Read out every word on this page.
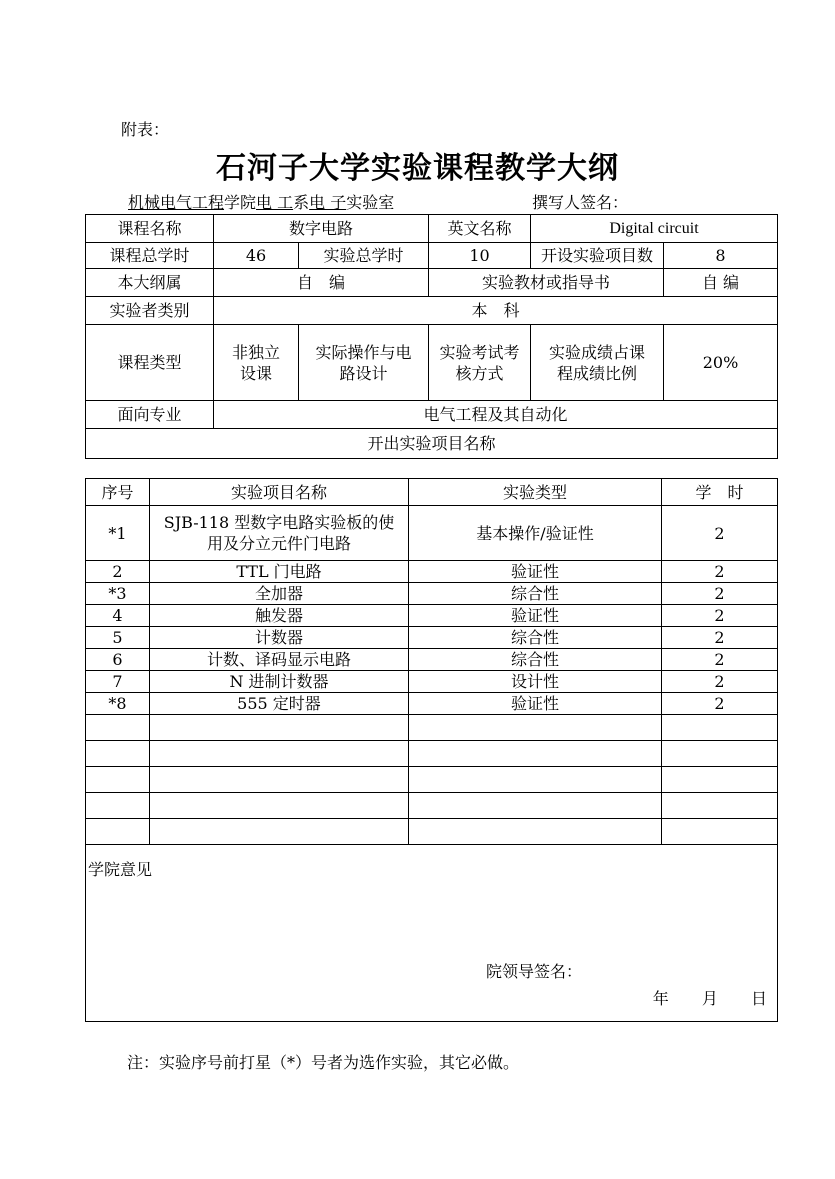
附表：
石河子大学实验课程教学大纲
机械电气工程学院电 工系电 子实验室	撰写人签名：
课程名称	数字电路		英文名称	Digital circuit	
课程总学时	46	实验总学时	10	开设实验项目数	8
本大纲属	自　编		实验教材或指导书		自 编
实验者类别	本　科				
课程类型	非独立设课	实际操作与电路设计	实验考试考核方式	实验成绩占课程成绩比例	20%
面向专业	电气工程及其自动化				
开出实验项目名称					
序号	实验项目名称	实验类型	学　时
*1	SJB-118 型数字电路实验板的使用及分立元件门电路	基本操作/验证性	2
2	TTL 门电路	验证性	2
*3	全加器	综合性	2
4	触发器	验证性	2
5	计数器	综合性	2
6	计数、译码显示电路	综合性	2
7	N 进制计数器	设计性	2
*8	555 定时器	验证性	2

学院意见
院领导签名：
年 月 日			
注：实验序号前打星（*）号者为选作实验，其它必做。
